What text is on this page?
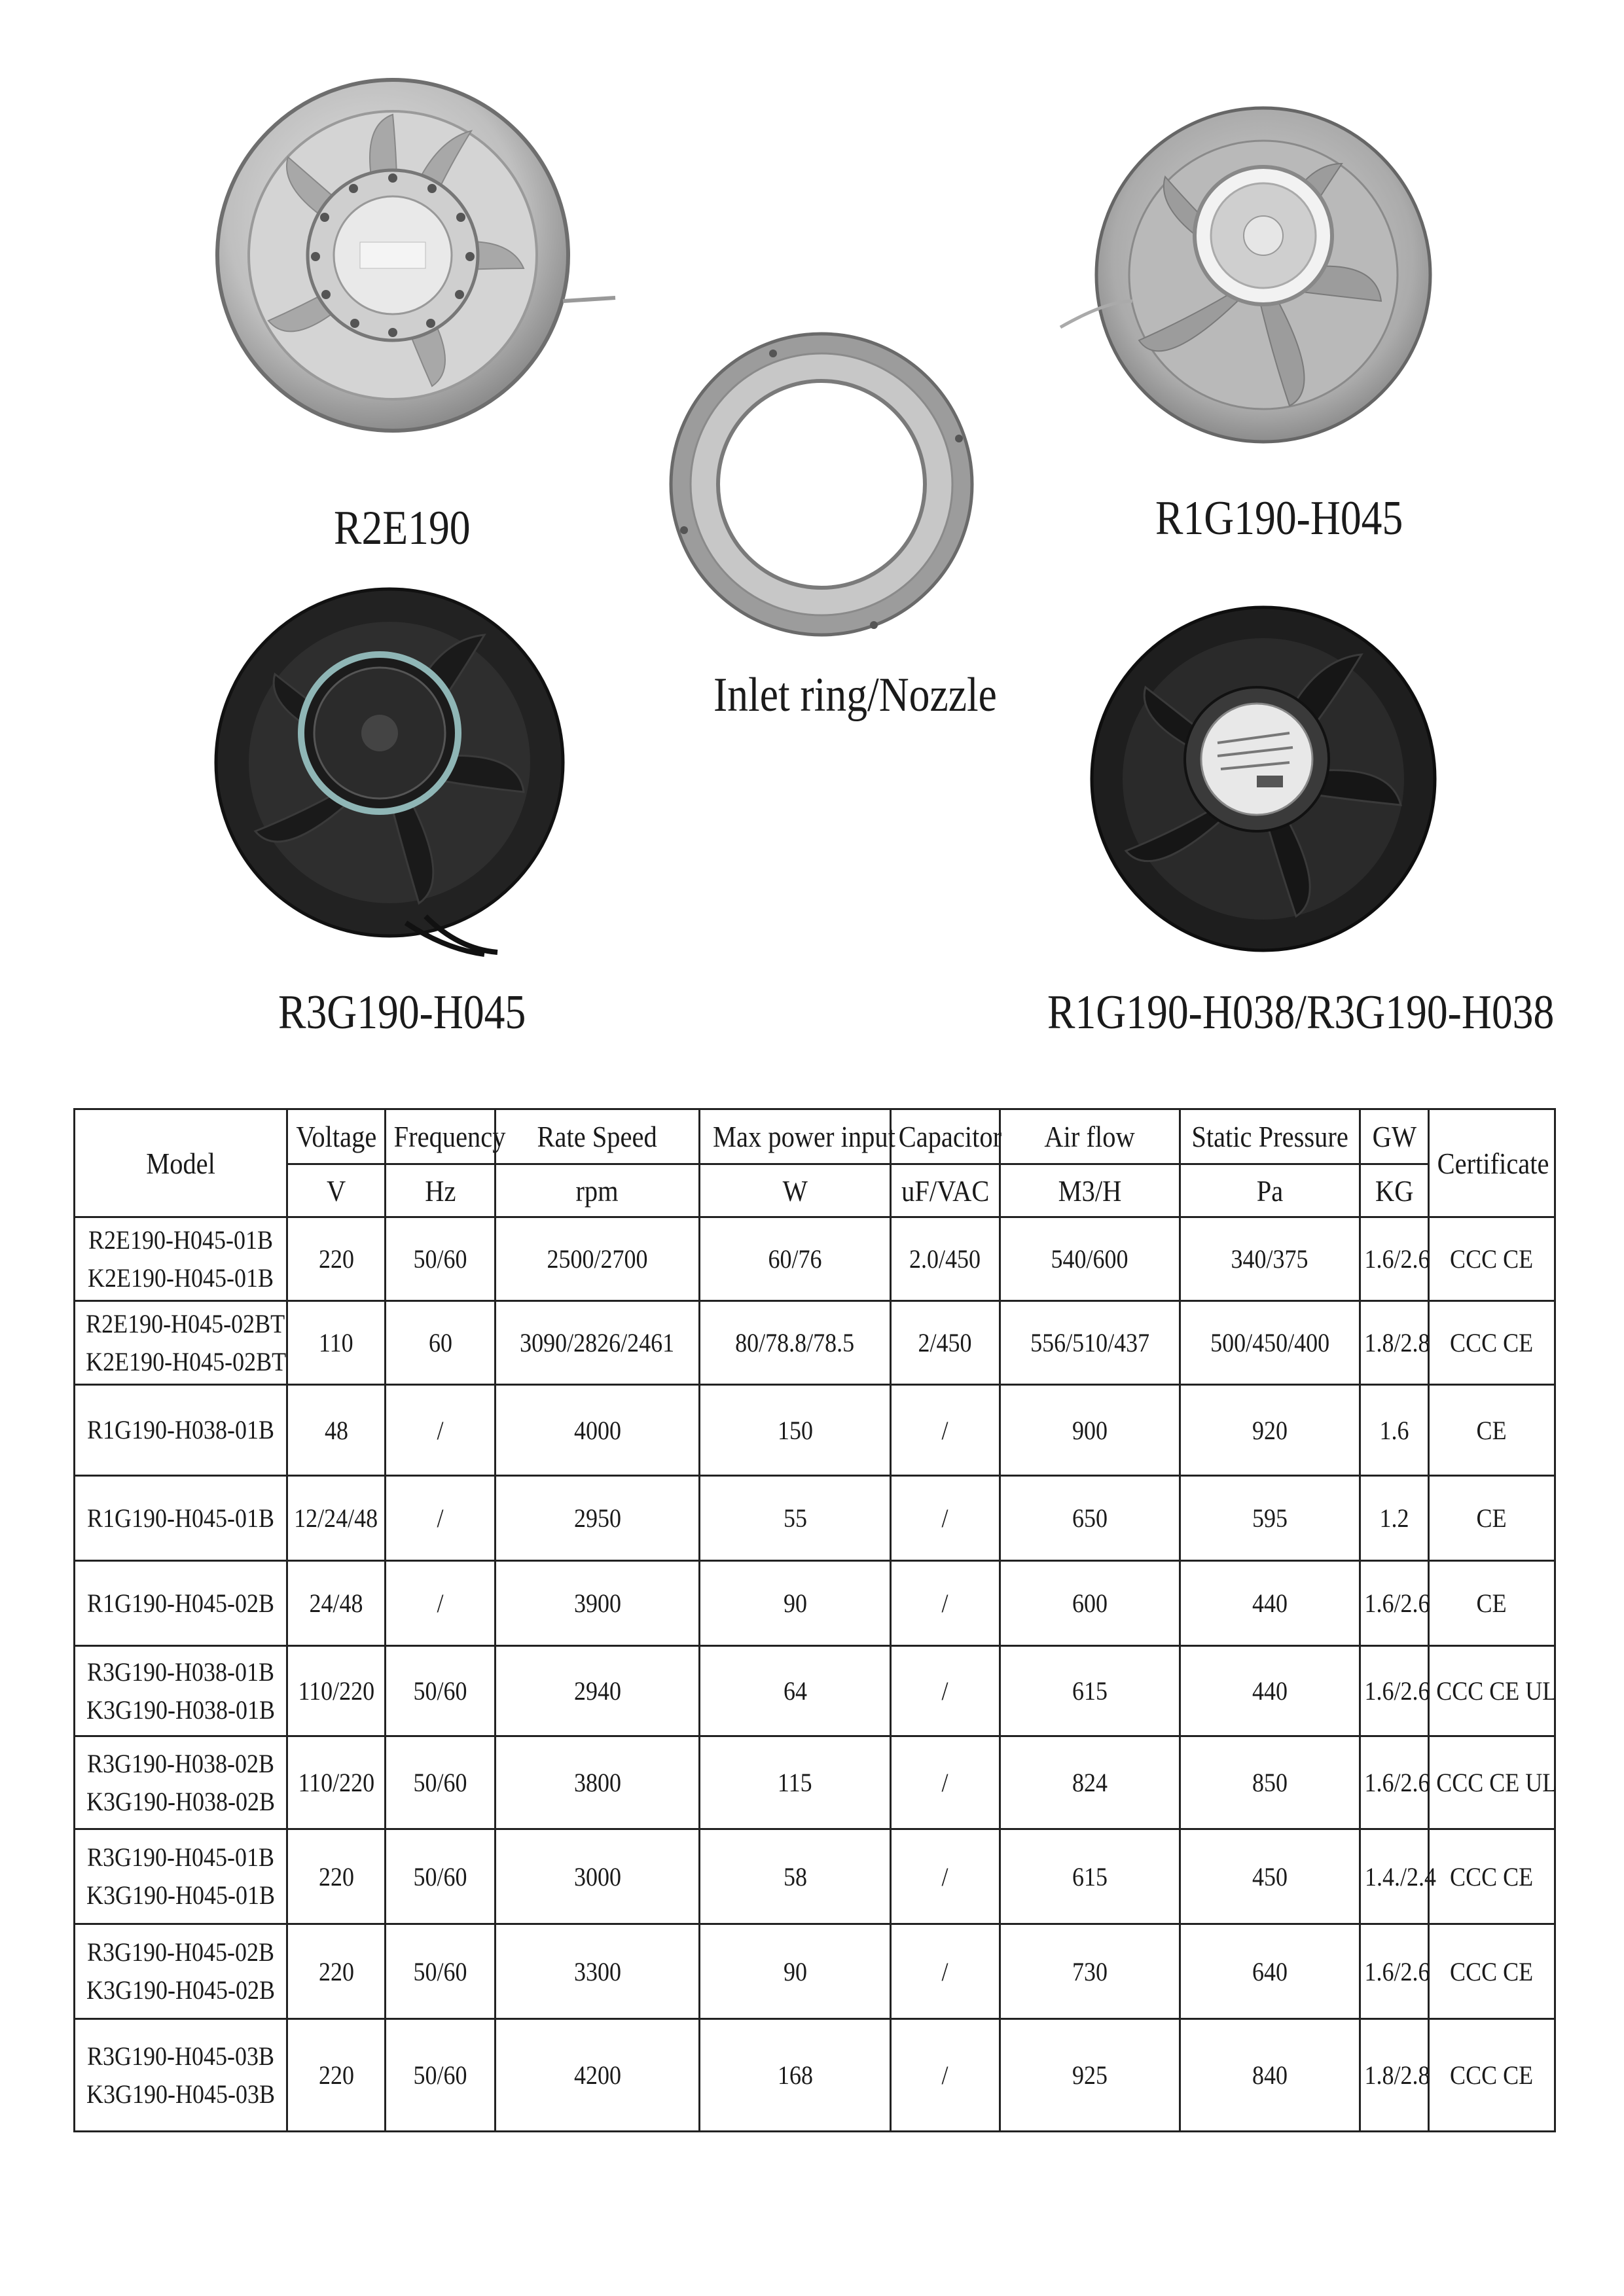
R2E190	R1G190-H045
Inlet ring/Nozzle
R3G190-H045	R1G190-H038/R3G190-H038
Model	Voltage	Frequency	Rate Speed	Max power input	Capacitor	Air flow	Static Pressure	GW	Certificate
	V	Hz	rpm	W	uF/VAC	M3/H	Pa	KG	

R2E190-H045-01B
K2E190-H045-01B	220	50/60	2500/2700	60/76	2.0/450	540/600	340/375	1.6/2.6	CCC CE

R2E190-H045-02BT
K2E190-H045-02BT	110	60	3090/2826/2461	80/78.8/78.5	2/450	556/510/437	500/450/400	1.8/2.8	CCC CE

R1G190-H038-01B	48	/	4000	150	/	900	920	1.6	CE

R1G190-H045-01B	12/24/48	/	2950	55	/	650	595	1.2	CE

R1G190-H045-02B	24/48	/	3900	90	/	600	440	1.6/2.6	CE

R3G190-H038-01B
K3G190-H038-01B	110/220	50/60	2940	64	/	615	440	1.6/2.6	CCC CE UL

R3G190-H038-02B
K3G190-H038-02B	110/220	50/60	3800	115	/	824	850	1.6/2.6	CCC CE UL

R3G190-H045-01B
K3G190-H045-01B	220	50/60	3000	58	/	615	450	1.4./2.4	CCC CE

R3G190-H045-02B
K3G190-H045-02B	220	50/60	3300	90	/	730	640	1.6/2.6	CCC CE

R3G190-H045-03B
K3G190-H045-03B	220	50/60	4200	168	/	925	840	1.8/2.8	CCC CE
